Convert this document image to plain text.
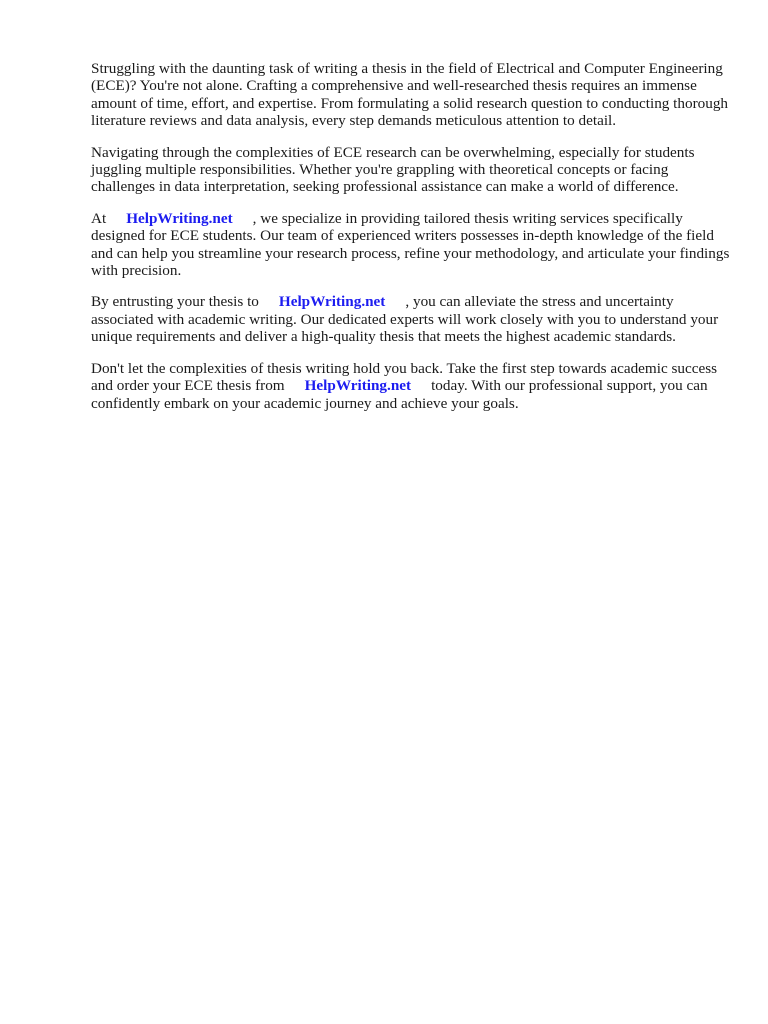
Struggling with the daunting task of writing a thesis in the field of Electrical and Computer Engineering (ECE)? You're not alone. Crafting a comprehensive and well-researched thesis requires an immense amount of time, effort, and expertise. From formulating a solid research question to conducting thorough literature reviews and data analysis, every step demands meticulous attention to detail.

Navigating through the complexities of ECE research can be overwhelming, especially for students juggling multiple responsibilities. Whether you're grappling with theoretical concepts or facing challenges in data interpretation, seeking professional assistance can make a world of difference.

At HelpWriting.net , we specialize in providing tailored thesis writing services specifically designed for ECE students. Our team of experienced writers possesses in-depth knowledge of the field and can help you streamline your research process, refine your methodology, and articulate your findings with precision.

By entrusting your thesis to HelpWriting.net , you can alleviate the stress and uncertainty associated with academic writing. Our dedicated experts will work closely with you to understand your unique requirements and deliver a high-quality thesis that meets the highest academic standards.

Don't let the complexities of thesis writing hold you back. Take the first step towards academic success and order your ECE thesis from HelpWriting.net today. With our professional support, you can confidently embark on your academic journey and achieve your goals.
